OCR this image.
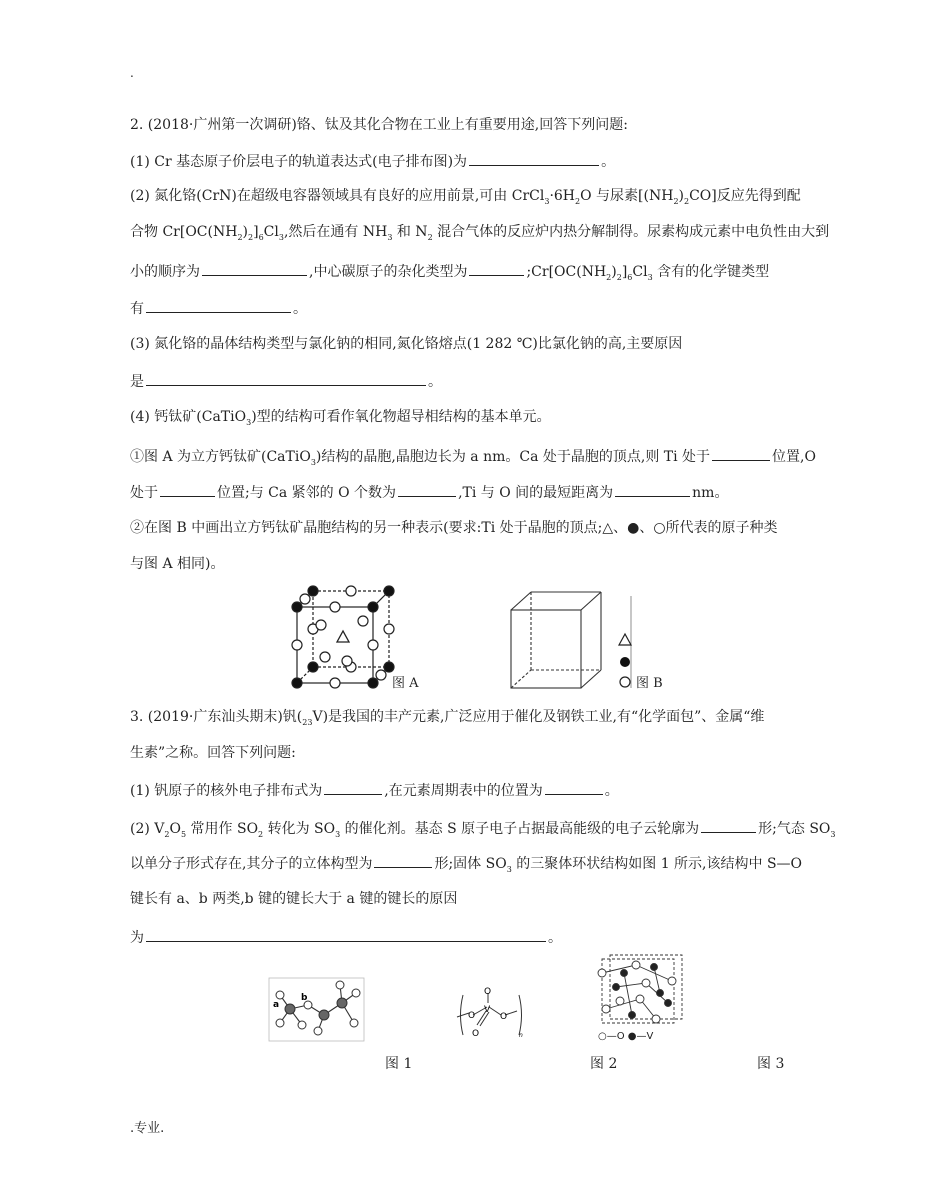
.
2. (2018·广州第一次调研)铬、钛及其化合物在工业上有重要用途,回答下列问题:
(1) Cr 基态原子价层电子的轨道表达式(电子排布图)为	。
(2) 氮化铬(CrN)在超级电容器领域具有良好的应用前景,可由 $CrCl_3\cdot 6H_2O$ 与尿素$[(NH_2)_2CO]$反应先得到配
合物 $Cr[OC(NH_2)_2]_6Cl_3$,然后在通有 $NH_3$ 和 $N_2$ 混合气体的反应炉内热分解制得。尿素构成元素中电负性由大到
小的顺序为	,中心碳原子的杂化类型为	$;Cr[OC(NH_2)_2]_6Cl_3$ 含有的化学键类型
有	。
(3) 氮化铬的晶体结构类型与氯化钠的相同,氮化铬熔点(1 282 ℃)比氯化钠的高,主要原因
是	。
(4) 钙钛矿(CaTiO$_3$)型的结构可看作氧化物超导相结构的基本单元。
①图 A 为立方钙钛矿(CaTiO$_3$)结构的晶胞,晶胞边长为 a nm。Ca 处于晶胞的顶点,则 Ti 处于	位置,O
处于	位置;与 Ca 紧邻的 O 个数为	,Ti 与 O 间的最短距离为	nm。
②在图 B 中画出立方钙钛矿晶胞结构的另一种表示(要求:Ti 处于晶胞的顶点;△、●、○所代表的原子种类
与图 A 相同)。
图 A	图 B
3. (2019·广东汕头期末)钒$(_{23}V)$是我国的丰产元素,广泛应用于催化及钢铁工业,有“化学面包”、金属“维
生素”之称。回答下列问题:
(1) 钒原子的核外电子排布式为	,在元素周期表中的位置为	。
(2) $V_2O_5$ 常用作 $SO_2$ 转化为 $SO_3$ 的催化剂。基态 S 原子电子占据最高能级的电子云轮廓为	形;气态 $SO_3$
以单分子形式存在,其分子的立体构型为	形;固体 $SO_3$ 的三聚体环状结构如图 1 所示,该结构中 S—O
键长有 a、b 两类,b 键的键长大于 a 键的键长的原因
为	。
a
b
O
V
O	O
O	n	○—O ●—V
图 1	图 2	图 3
.专业.
